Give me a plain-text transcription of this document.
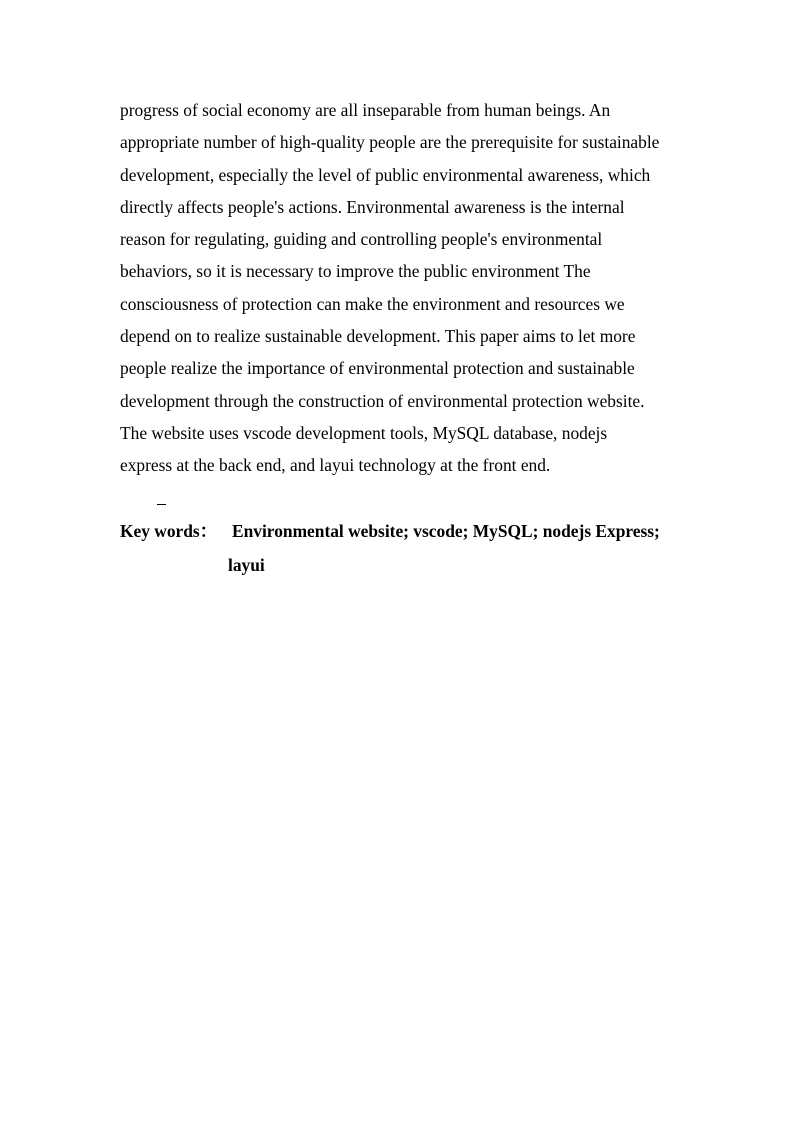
progress of social economy are all inseparable from human beings. An
appropriate number of high-quality people are the prerequisite for sustainable
development, especially the level of public environmental awareness, which
directly affects people's actions. Environmental awareness is the internal
reason for regulating, guiding and controlling people's environmental
behaviors, so it is necessary to improve the public environment The
consciousness of protection can make the environment and resources we
depend on to realize sustainable development. This paper aims to let more
people realize the importance of environmental protection and sustainable
development through the construction of environmental protection website.
The website uses vscode development tools, MySQL database, nodejs
express at the back end, and layui technology at the front end.
Key words： Environmental website; vscode; MySQL; nodejs Express;
layui
